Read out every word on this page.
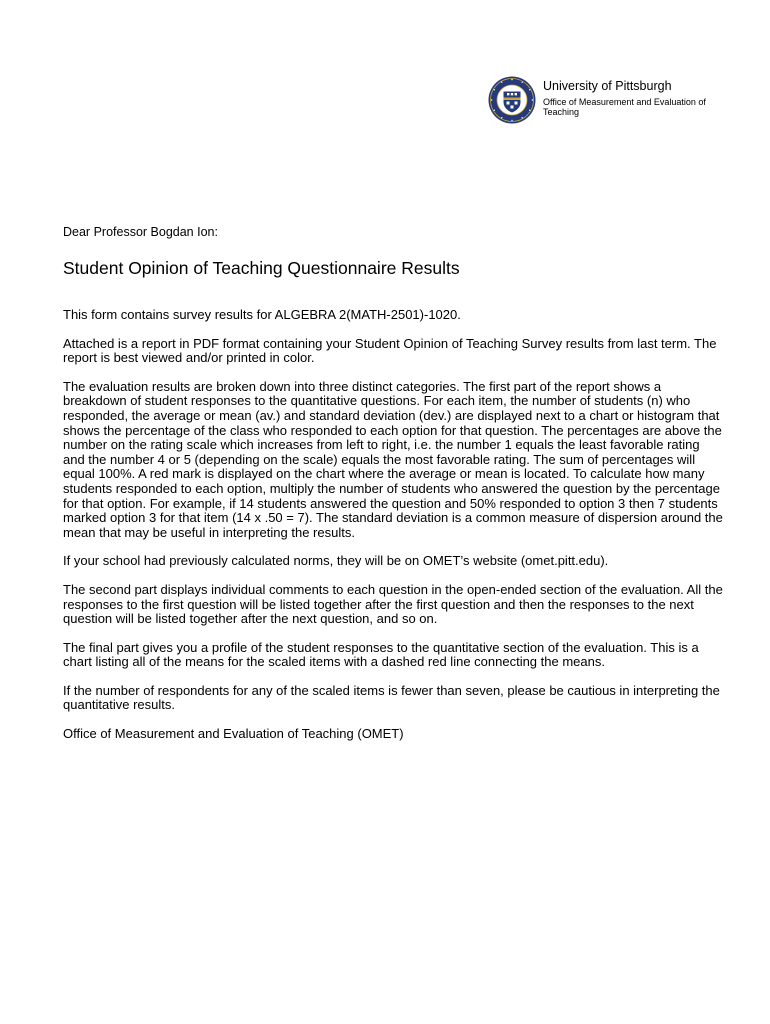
University of Pittsburgh
Office of Measurement and Evaluation of Teaching

Dear Professor Bogdan Ion:

Student Opinion of Teaching Questionnaire Results

This form contains survey results for ALGEBRA 2(MATH-2501)-1020.

Attached is a report in PDF format containing your Student Opinion of Teaching Survey results from last term. The report is best viewed and/or printed in color.

The evaluation results are broken down into three distinct categories. The first part of the report shows a breakdown of student responses to the quantitative questions. For each item, the number of students (n) who responded, the average or mean (av.) and standard deviation (dev.) are displayed next to a chart or histogram that shows the percentage of the class who responded to each option for that question. The percentages are above the number on the rating scale which increases from left to right, i.e. the number 1 equals the least favorable rating and the number 4 or 5 (depending on the scale) equals the most favorable rating. The sum of percentages will equal 100%. A red mark is displayed on the chart where the average or mean is located. To calculate how many students responded to each option, multiply the number of students who answered the question by the percentage for that option. For example, if 14 students answered the question and 50% responded to option 3 then 7 students marked option 3 for that item (14 x .50 = 7). The standard deviation is a common measure of dispersion around the mean that may be useful in interpreting the results.

If your school had previously calculated norms, they will be on OMET’s website (omet.pitt.edu).

The second part displays individual comments to each question in the open-ended section of the evaluation. All the responses to the first question will be listed together after the first question and then the responses to the next question will be listed together after the next question, and so on.

The final part gives you a profile of the student responses to the quantitative section of the evaluation. This is a chart listing all of the means for the scaled items with a dashed red line connecting the means.

If the number of respondents for any of the scaled items is fewer than seven, please be cautious in interpreting the quantitative results.

Office of Measurement and Evaluation of Teaching (OMET)
